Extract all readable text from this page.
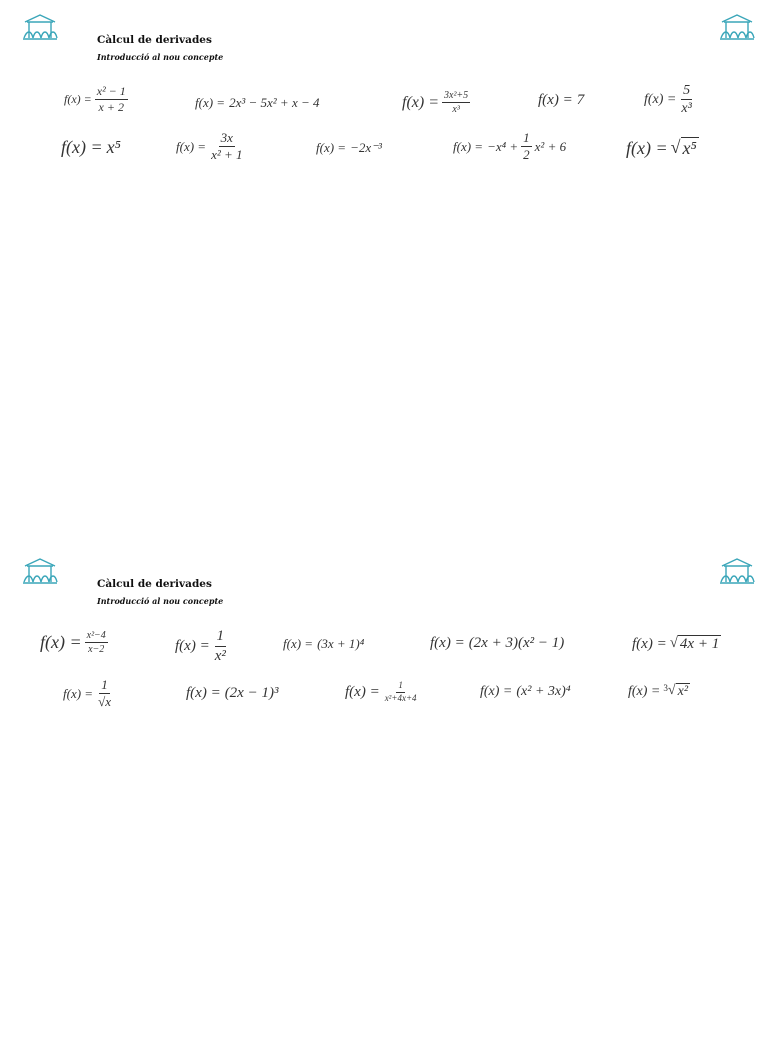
Càlcul de derivades
Introducció al nou concepte
$f(x) = \frac{\text{x² − 1}}{x + 2}$	f(x) = 2x³ − 5x² + x − 4	$f(x) = \frac{\text{3x²+5}}{\text{x³}}$	f(x) = 7	$f(x) = \frac{5}{\text{x³}}$
f(x) = x⁵	$f(x) = \frac{3x}{\text{x² + 1}}$	f(x) = −2x⁻³	$f(x) = -x^4 + \frac{1}{2} x^2 + 6$	f(x) = √ x⁵
Càlcul de derivades
Introducció al nou concepte
$f(x) = \frac{\text{x²−4}}{x-2}$	$f(x) = \frac{1}{\text{x²}}$	f(x) = (3x + 1)⁴	f(x) = (2x + 3)(x² − 1)	f(x) = √ 4x + 1
$f(x) = \frac{1}{√x}$	f(x) = (2x − 1)³	$f(x) = \frac{1}{\text{x²+4x+4}}$	f(x) = (x² + 3x)⁴	f(x) = 3 √ x²
